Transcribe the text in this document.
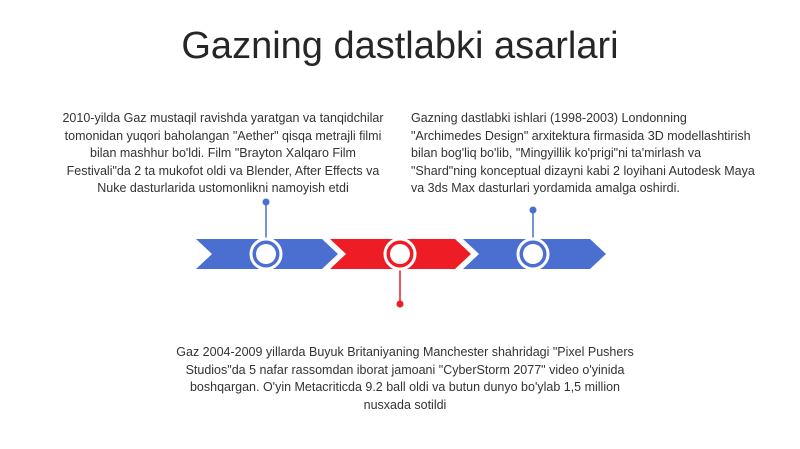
Gazning dastlabki asarlari
2010-yilda Gaz mustaqil ravishda yaratgan va tanqidchilar tomonidan yuqori baholangan "Aether" qisqa metrajli filmi bilan mashhur bo'ldi. Film "Brayton Xalqaro Film Festivali"da 2 ta mukofot oldi va Blender, After Effects va Nuke dasturlarida ustomonlikni namoyish etdi
Gazning dastlabki ishlari (1998-2003) Londonning "Archimedes Design" arxitektura firmasida 3D modellashtirish bilan bog'liq bo'lib, "Mingyillik ko'prigi"ni ta'mirlash va "Shard"ning konceptual dizayni kabi 2 loyihani Autodesk Maya va 3ds Max dasturlari yordamida amalga oshirdi.
Gaz 2004-2009 yillarda Buyuk Britaniyaning Manchester shahridagi "Pixel Pushers Studios"da 5 nafar rassomdan iborat jamoani "CyberStorm 2077" video o'yinida boshqargan. O'yin Metacriticda 9.2 ball oldi va butun dunyo bo'ylab 1,5 million nusxada sotildi
